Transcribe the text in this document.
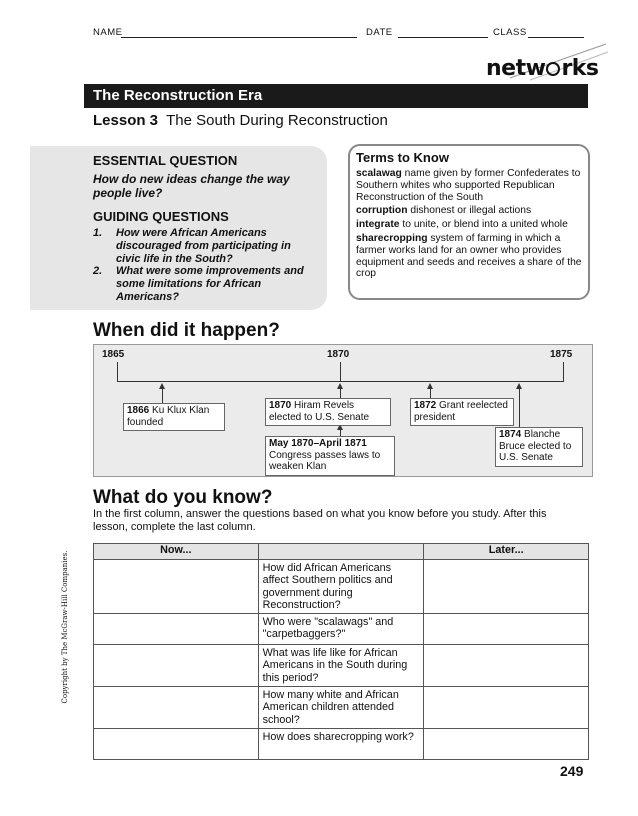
NAME	DATE	CLASS
netw rks
The Reconstruction Era
Lesson 3 The South During Reconstruction
ESSENTIAL QUESTION
How do new ideas change the way people live?
GUIDING QUESTIONS
1.	How were African Americans discouraged from participating in civic life in the South?
2.	What were some improvements and some limitations for African Americans?
Terms to Know

scalawag name given by former Confederates to Southern whites who supported Republican Reconstruction of the South

corruption dishonest or illegal actions

integrate to unite, or blend into a united whole

sharecropping system of farming in which a farmer works land for an owner who provides equipment and seeds and receives a share of the crop

When did it happen?
1865	1870	1875
1866 Ku Klux Klan founded
1870 Hiram Revels elected to U.S. Senate
May 1870–April 1871 Congress passes laws to weaken Klan
1872 Grant reelected president
1874 Blanche Bruce elected to U.S. Senate
What do you know?
In the first column, answer the questions based on what you know before you study. After this lesson, complete the last column.
Now...		Later...
	How did African Americans affect Southern politics and government during Reconstruction?	
	Who were "scalawags" and "carpetbaggers?"	
	What was life like for African Americans in the South during this period?	
	How many white and African American children attended school?	
	How does sharecropping work?	
Copyright by The McGraw-Hill Companies.
249
